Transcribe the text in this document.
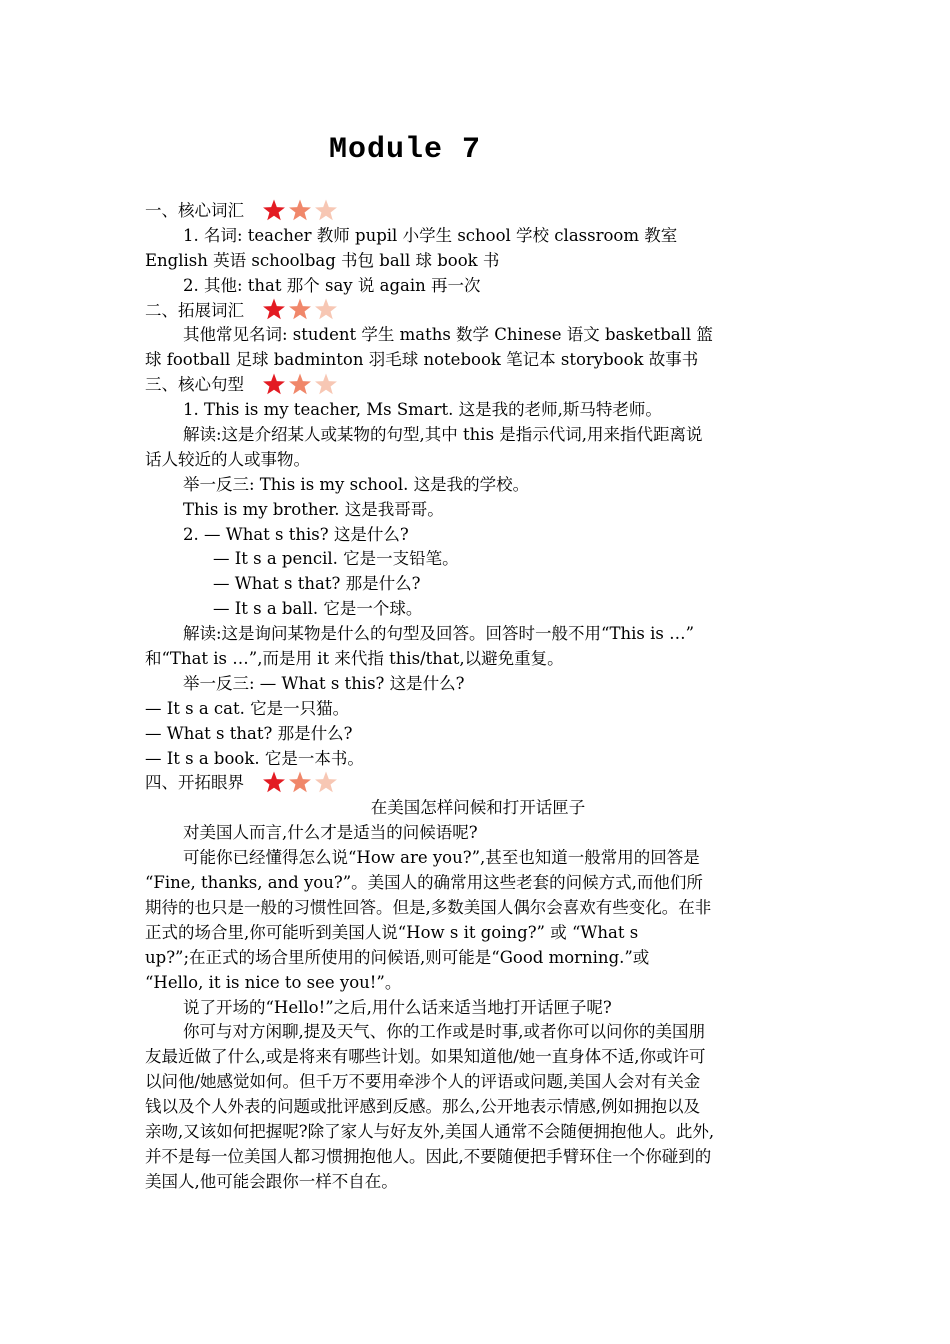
Module 7
一、核心词汇
1. 名词: teacher 教师 pupil 小学生 school 学校 classroom 教室
English 英语 schoolbag 书包 ball 球 book 书
2. 其他: that 那个 say 说 again 再一次
二、拓展词汇
其他常见名词: student 学生 maths 数学 Chinese 语文 basketball 篮
球 football 足球 badminton 羽毛球 notebook 笔记本 storybook 故事书
三、核心句型
1. This is my teacher, Ms Smart. 这是我的老师,斯马特老师。
解读:这是介绍某人或某物的句型,其中 this 是指示代词,用来指代距离说
话人较近的人或事物。
举一反三: This is my school. 这是我的学校。
This is my brother. 这是我哥哥。
2. — What s this? 这是什么?
— It s a pencil. 它是一支铅笔。
— What s that? 那是什么?
— It s a ball. 它是一个球。
解读:这是询问某物是什么的句型及回答。回答时一般不用“This is …”
和“That is …”,而是用 it 来代指 this/that,以避免重复。
举一反三: — What s this? 这是什么?
— It s a cat. 它是一只猫。
— What s that? 那是什么?
— It s a book. 它是一本书。
四、开拓眼界
在美国怎样问候和打开话匣子
对美国人而言,什么才是适当的问候语呢?
可能你已经懂得怎么说“How are you?”,甚至也知道一般常用的回答是
“Fine, thanks, and you?”。美国人的确常用这些老套的问候方式,而他们所
期待的也只是一般的习惯性回答。但是,多数美国人偶尔会喜欢有些变化。在非
正式的场合里,你可能听到美国人说“How s it going?” 或 “What s
up?”;在正式的场合里所使用的问候语,则可能是“Good morning.”或
“Hello, it is nice to see you!”。
说了开场的“Hello!”之后,用什么话来适当地打开话匣子呢?
你可与对方闲聊,提及天气、你的工作或是时事,或者你可以问你的美国朋
友最近做了什么,或是将来有哪些计划。如果知道他/她一直身体不适,你或许可
以问他/她感觉如何。但千万不要用牵涉个人的评语或问题,美国人会对有关金
钱以及个人外表的问题或批评感到反感。那么,公开地表示情感,例如拥抱以及
亲吻,又该如何把握呢?除了家人与好友外,美国人通常不会随便拥抱他人。此外,
并不是每一位美国人都习惯拥抱他人。因此,不要随便把手臂环住一个你碰到的
美国人,他可能会跟你一样不自在。
